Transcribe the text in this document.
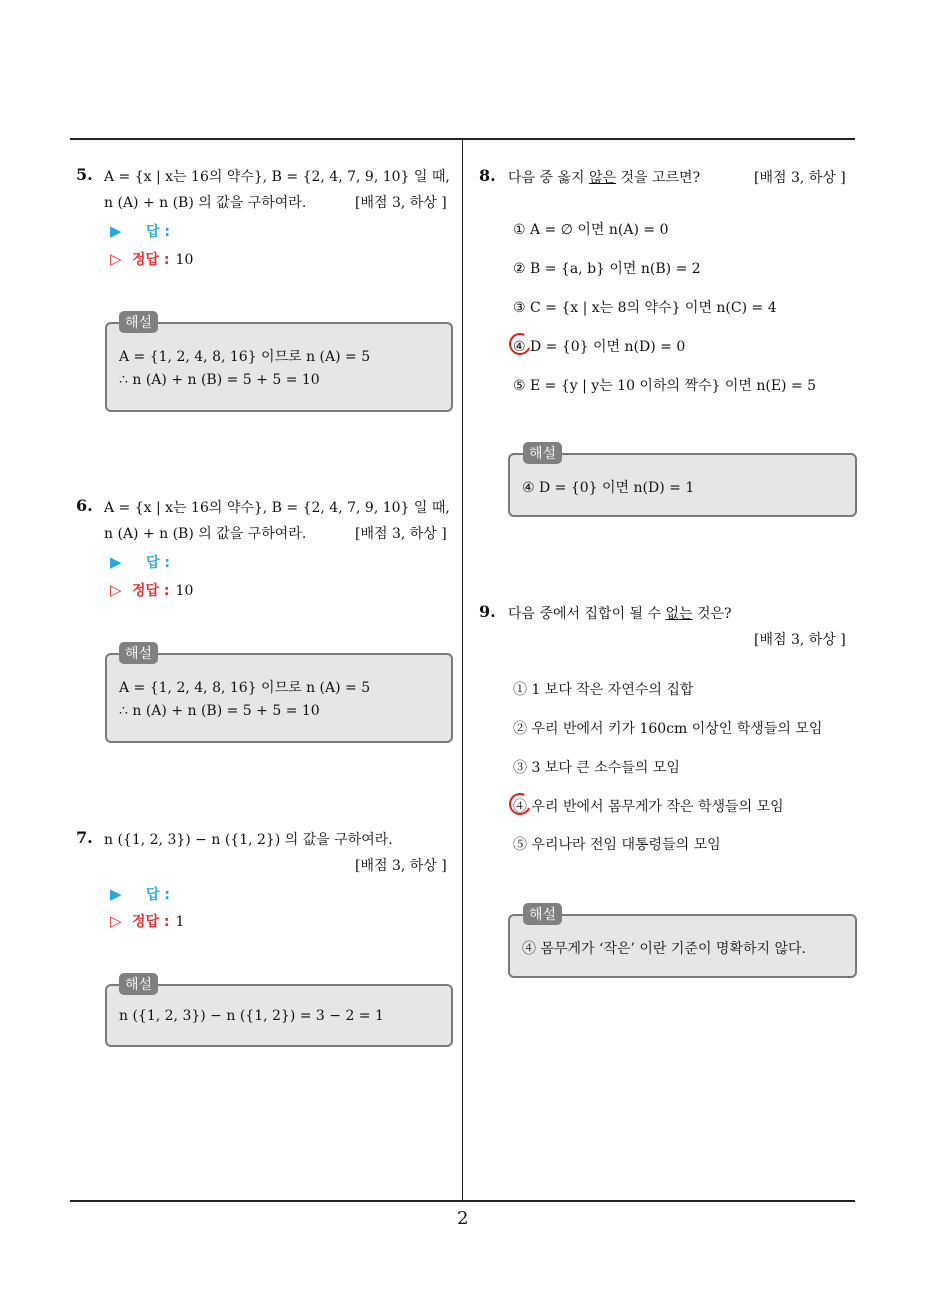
5. A = {x | x는 16의 약수}, B = {2, 4, 7, 9, 10} 일 때,
n (A) + n (B) 의 값을 구하여라.	[배점 3, 하상 ]
▶ 답 :
▷ 정답 : 10
A = {1, 2, 4, 8, 16} 이므로 n (A) = 5
∴ n (A) + n (B) = 5 + 5 = 10
해설
6. A = {x | x는 16의 약수}, B = {2, 4, 7, 9, 10} 일 때,
n (A) + n (B) 의 값을 구하여라.	[배점 3, 하상 ]
▶ 답 :
▷ 정답 : 10
A = {1, 2, 4, 8, 16} 이므로 n (A) = 5
∴ n (A) + n (B) = 5 + 5 = 10
해설
7. n ({1, 2, 3}) − n ({1, 2}) 의 값을 구하여라.
[배점 3, 하상 ]
▶ 답 :
▷ 정답 : 1
n ({1, 2, 3}) − n ({1, 2}) = 3 − 2 = 1
해설
8. 다음 중 옳지 않은 것을 고르면?	[배점 3, 하상 ]
① A = ∅ 이면 n(A) = 0
② B = {a, b} 이면 n(B) = 2
③ C = {x | x는 8의 약수} 이면 n(C) = 4
④ D = {0} 이면 n(D) = 0
⑤ E = {y | y는 10 이하의 짝수} 이면 n(E) = 5
④ D = {0} 이면 n(D) = 1
해설
9. 다음 중에서 집합이 될 수 없는 것은?
[배점 3, 하상 ]
① 1 보다 작은 자연수의 집합
② 우리 반에서 키가 160cm 이상인 학생들의 모임
③ 3 보다 큰 소수들의 모임
④ 우리 반에서 몸무게가 작은 학생들의 모임
⑤ 우리나라 전임 대통령들의 모임
④ 몸무게가 ‘작은’ 이란 기준이 명확하지 않다.
해설
2
